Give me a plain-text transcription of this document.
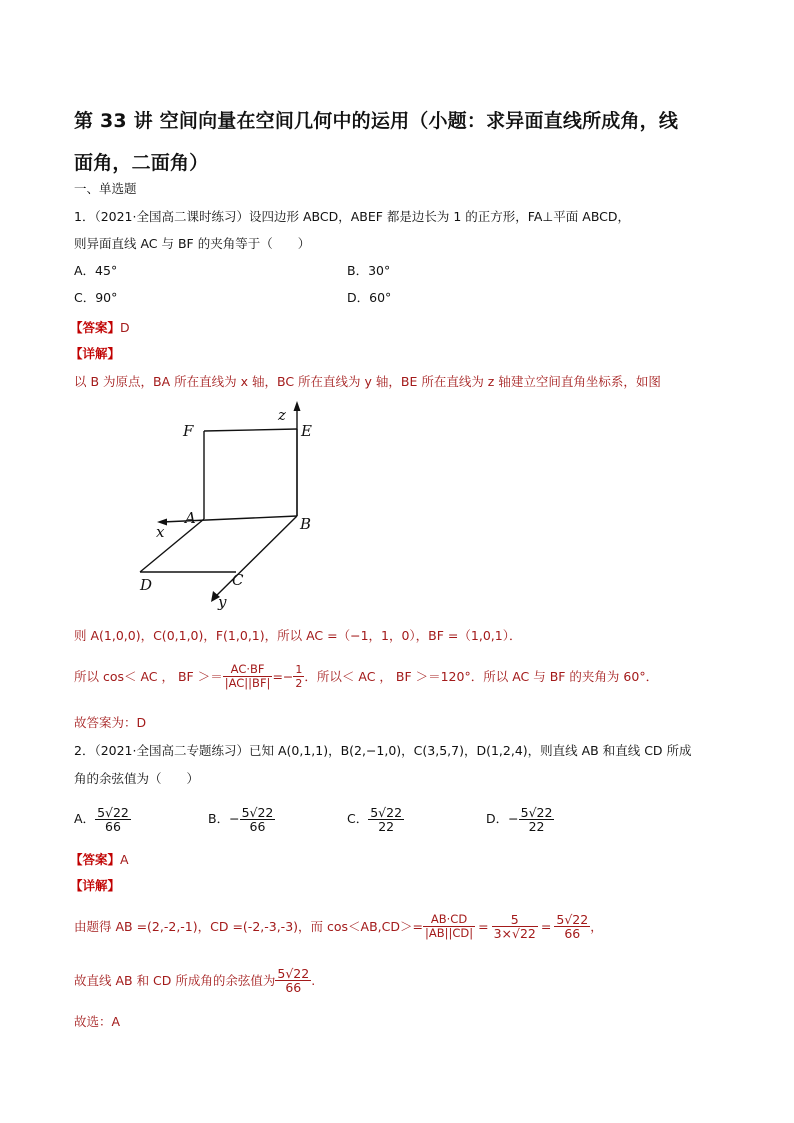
第 33 讲 空间向量在空间几何中的运用（小题：求异面直线所成角，线
面角，二面角）
一、单选题
1．（2021·全国高二课时练习）设四边形 ABCD，ABEF 都是边长为 1 的正方形，FA⊥平面 ABCD，
则异面直线 AC 与 BF 的夹角等于（　　）
A．45°	B．30°
C．90°	D．60°
【答案】D
【详解】
以 B 为原点，BA 所在直线为 x 轴，BC 所在直线为 y 轴，BE 所在直线为 z 轴建立空间直角坐标系，如图
F	E
z
A	B
x
D	C
y
则 A(1,0,0)，C(0,1,0)，F(1,0,1)，所以 AC =（−1，1，0），BF =（1,0,1）．
所以 cos＜ AC ， BF ＞＝ $\frac{AC\cdot BF}{|AC||BF|} =- \frac{1}{2}$ ．所以＜ AC ， BF ＞＝120°．所以 AC 与 BF 的夹角为 60°．
故答案为：D
2．（2021·全国高二专题练习）已知 A(0,1,1)，B(2,−1,0)，C(3,5,7)，D(1,2,4)，则直线 AB 和直线 CD 所成
角的余弦值为（　　）
A． $\frac{5√22}{66}$	B． − $\frac{5√22}{66}$	C． $\frac{5√22}{22}$	D． − $\frac{5√22}{22}$
【答案】A
【详解】
由题得 AB =(2,-2,-1)，CD =(-2,-3,-3)，而 $\cos<AB,CD>= \frac{AB\cdot CD}{|AB||CD|} = \frac{5}{3\times√22} = \frac{5√22}{66}$ ，
故直线 AB 和 CD 所成角的余弦值为 $\frac{5√22}{66}$ .
故选：A
